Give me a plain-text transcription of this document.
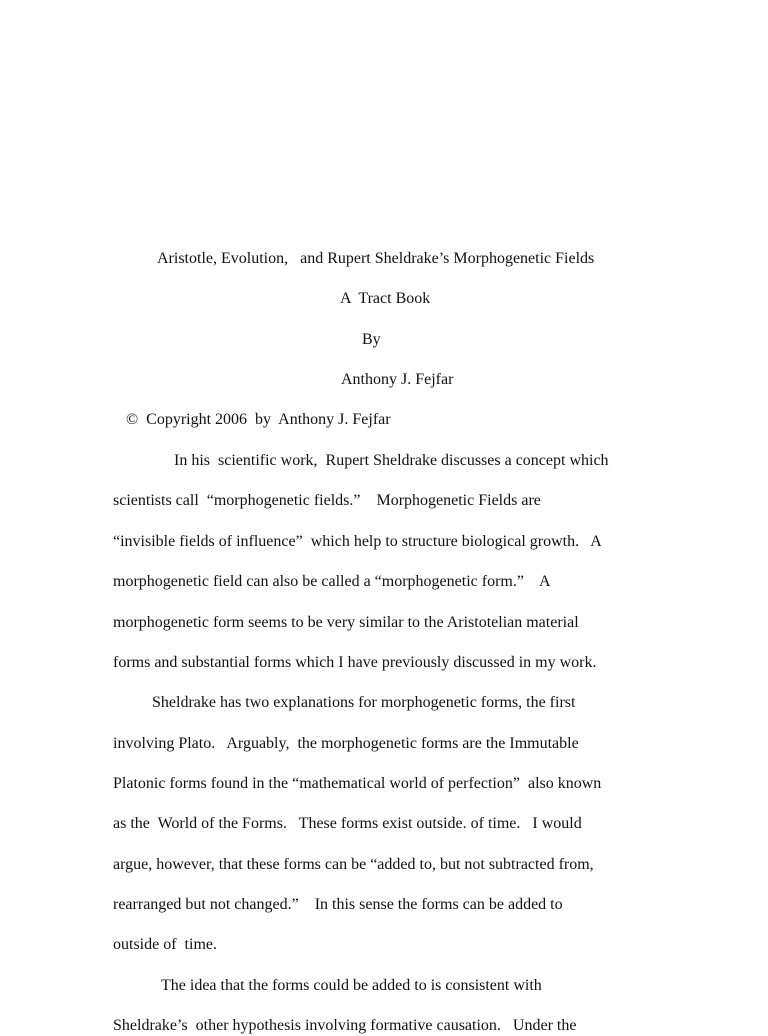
Aristotle, Evolution,   and Rupert Sheldrake’s Morphogenetic Fields

A  Tract Book

By

Anthony J. Fejfar

©  Copyright 2006  by  Anthony J. Fejfar

In his  scientific work,  Rupert Sheldrake discusses a concept which

scientists call  “morphogenetic fields.”    Morphogenetic Fields are

“invisible fields of influence”  which help to structure biological growth.   A

morphogenetic field can also be called a “morphogenetic form.”    A

morphogenetic form seems to be very similar to the Aristotelian material

forms and substantial forms which I have previously discussed in my work.

Sheldrake has two explanations for morphogenetic forms, the first

involving Plato.   Arguably,  the morphogenetic forms are the Immutable

Platonic forms found in the “mathematical world of perfection”  also known

as the  World of the Forms.   These forms exist outside. of time.   I would

argue, however, that these forms can be “added to, but not subtracted from,

rearranged but not changed.”    In this sense the forms can be added to

outside of  time.

The idea that the forms could be added to is consistent with

Sheldrake’s  other hypothesis involving formative causation.   Under the
